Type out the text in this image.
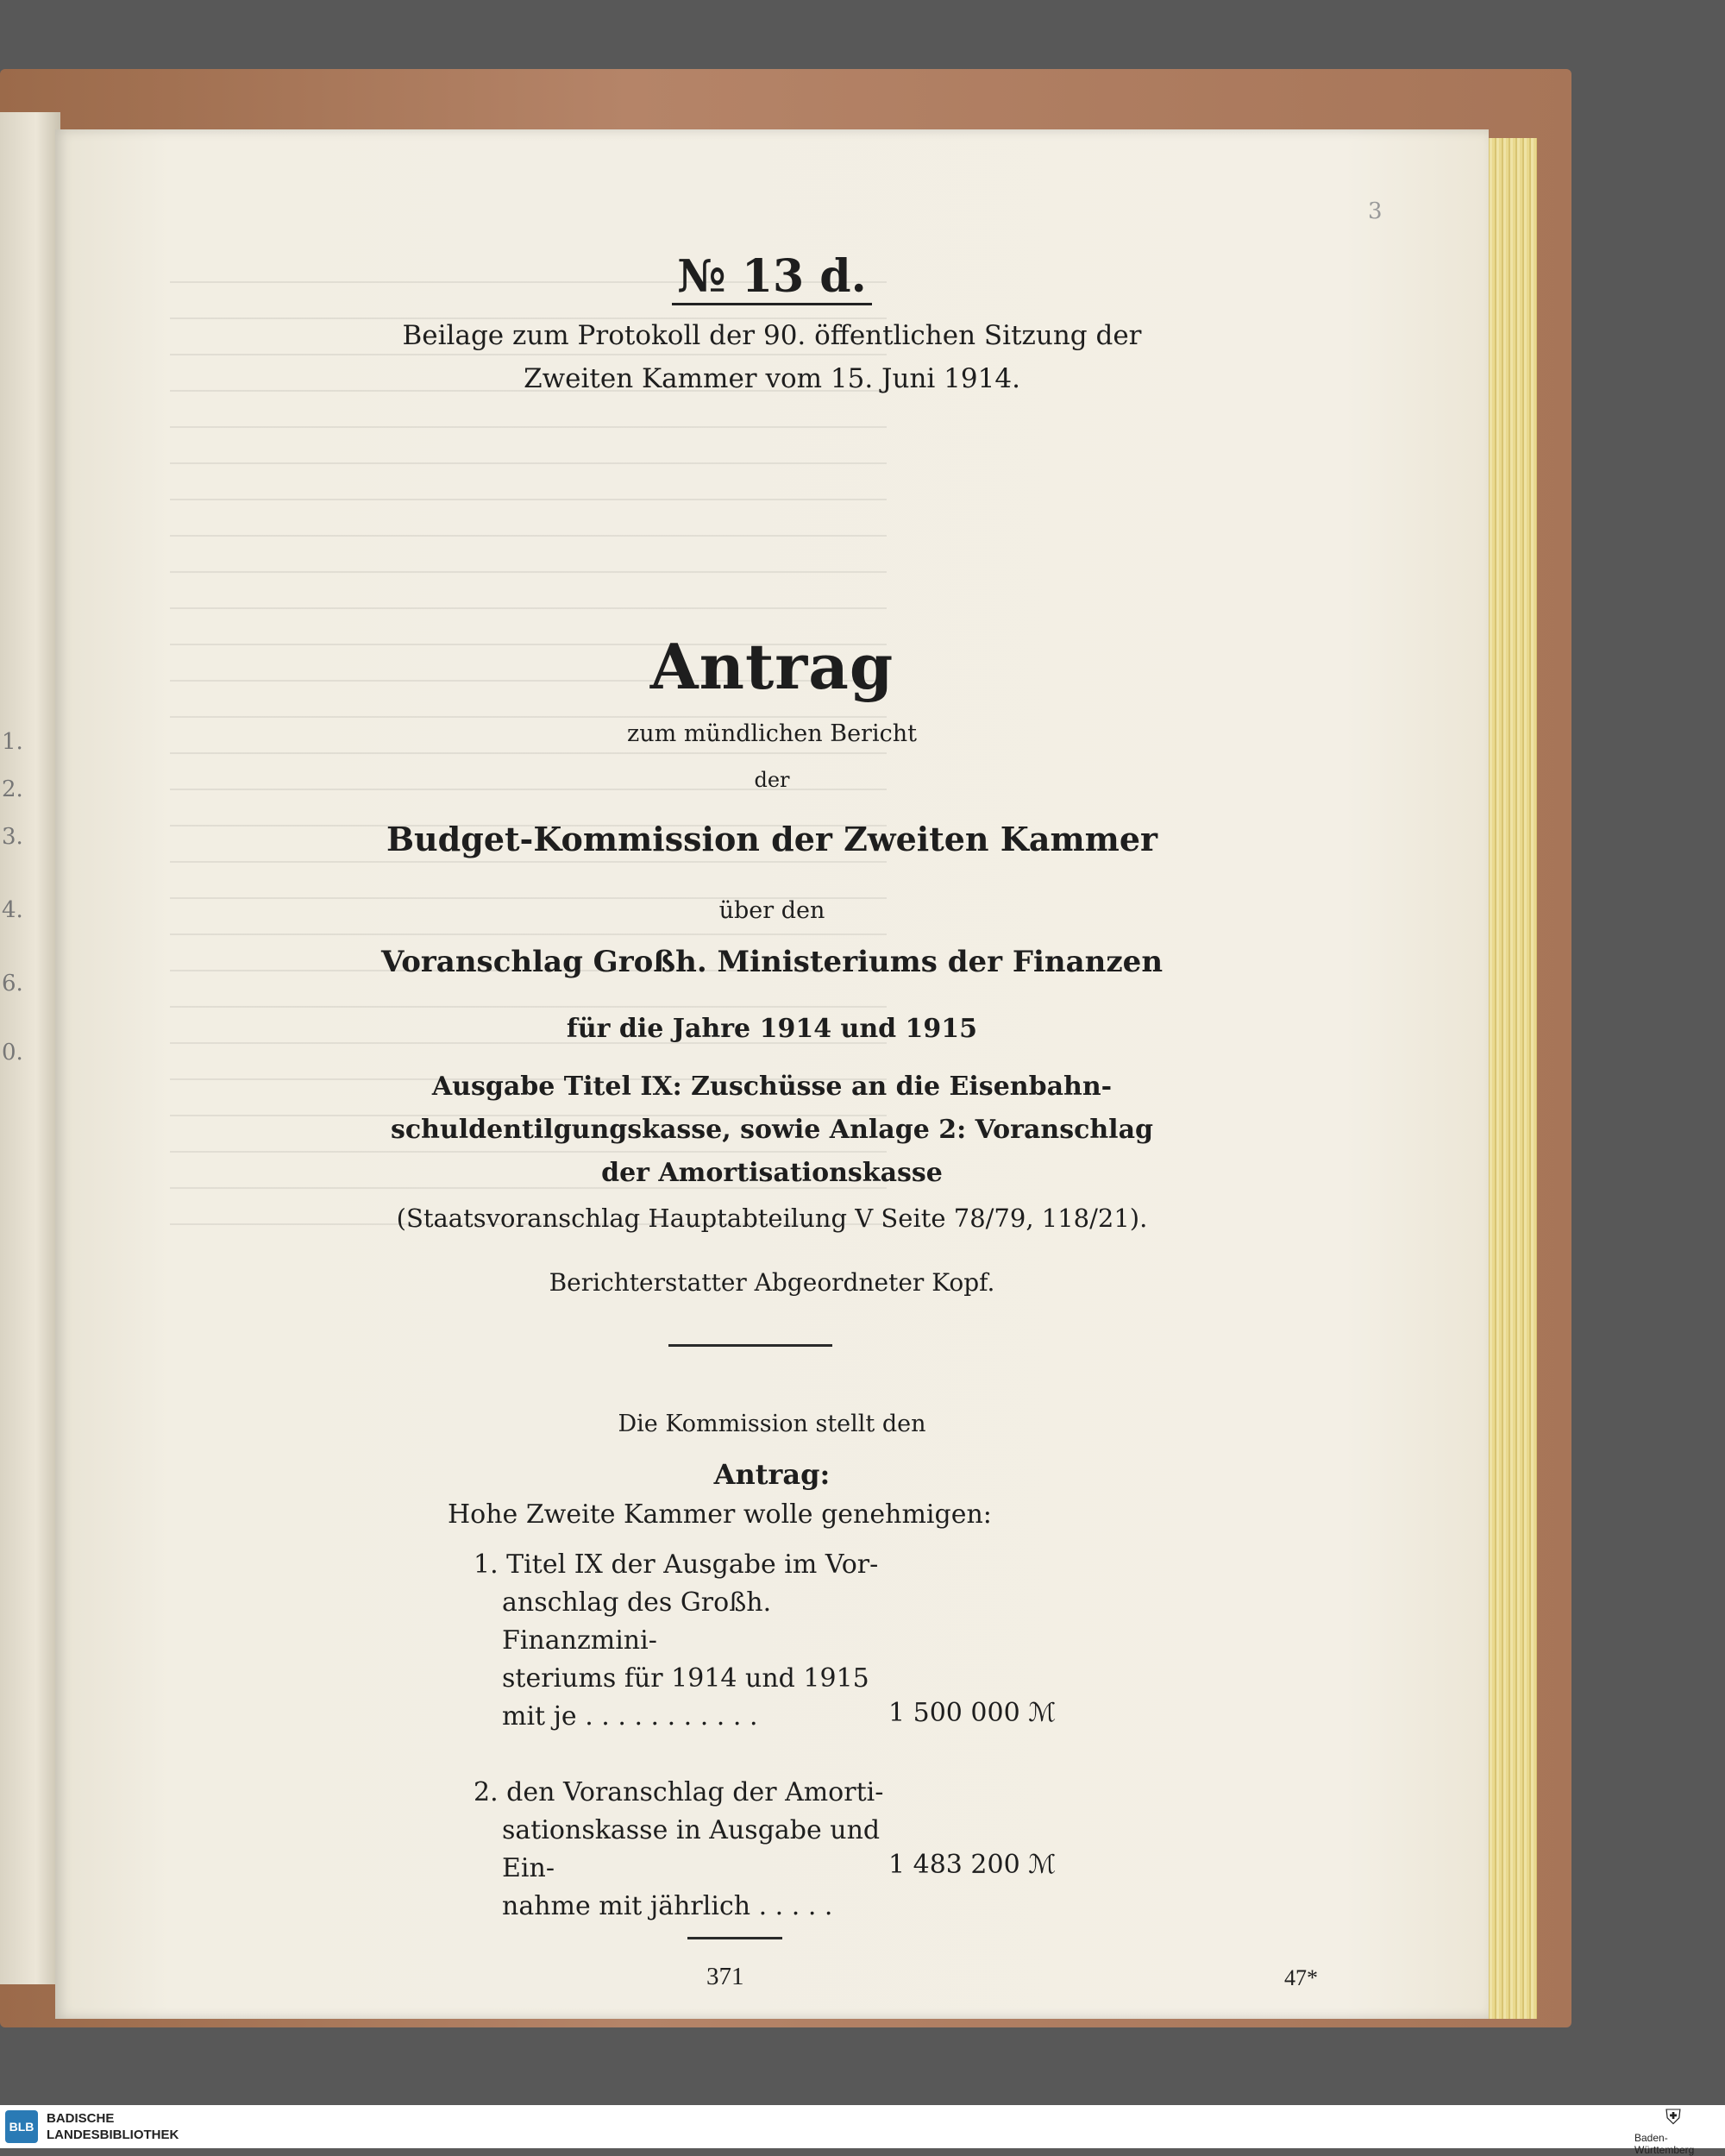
1.
2.
3.
4.
6.
0.
3
№ 13 d.
Beilage zum Protokoll der 90. öffentlichen Sitzung der
Zweiten Kammer vom 15. Juni 1914.
Antrag
zum mündlichen Bericht
der
Budget-Kommission der Zweiten Kammer
über den
Voranschlag Großh. Ministeriums der Finanzen
für die Jahre 1914 und 1915
Ausgabe Titel IX: Zuschüsse an die Eisenbahn-
schuldentilgungskasse, sowie Anlage 2: Voranschlag
der Amortisationskasse
(Staatsvoranschlag Hauptabteilung V Seite 78/79, 118/21).
Berichterstatter Abgeordneter Kopf.
Die Kommission stellt den
Antrag:
Hohe Zweite Kammer wolle genehmigen:
1. Titel IX der Ausgabe im Vor-
anschlag des Großh. Finanzmini-
steriums für 1914 und 1915
mit je . . . . . . . . . . .	1 500 000 ℳ
2. den Voranschlag der Amorti-
sationskasse in Ausgabe und Ein-
nahme mit jährlich . . . . .
1 483 200 ℳ
371	47*
BLB
BADISCHE
LANDESBIBLIOTHEK
⛨
Baden-Württemberg
